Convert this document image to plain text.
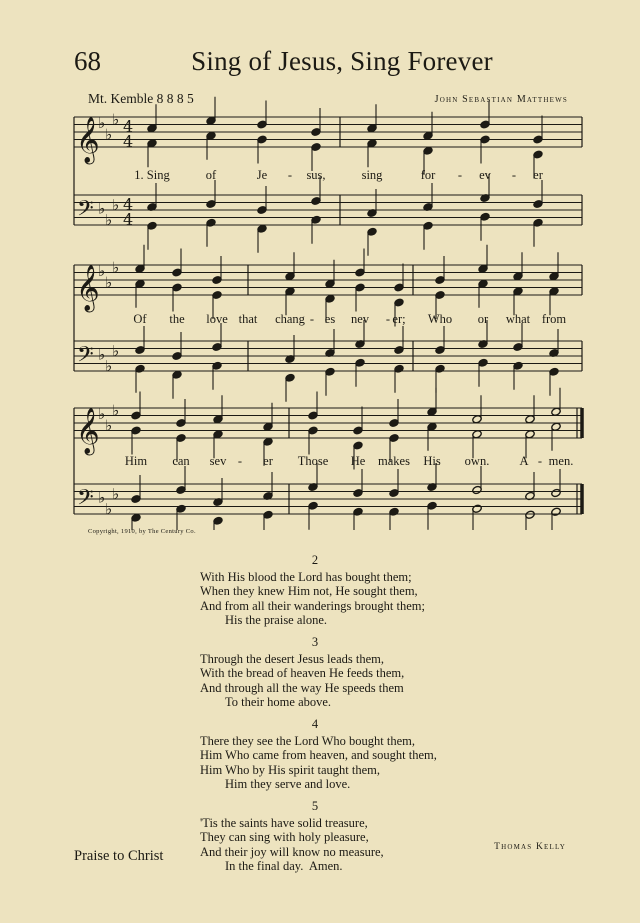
68	Sing of Jesus, Sing Forever
Mt. Kemble 8 8 8 5	John Sebastian Matthews
𝄞
𝄢
♭
♭
♭
♭
♭
♭
4
4
4
4
𝄞
𝄢
♭
♭
♭
♭
♭
♭
𝄞
𝄢
♭
♭
♭
♭
♭
♭
1. Sing	of	Je - sus,	sing	for - ev - er
Of the love that chang - es nev - er; Who or what from
Him can sev - er Those He makes His own. A - men.
Copyright, 1910, by The Century Co.
2
With His blood the Lord has bought them;
When they knew Him not, He sought them,
And from all their wanderings brought them;
His the praise alone.
3
Through the desert Jesus leads them,
With the bread of heaven He feeds them,
And through all the way He speeds them
To their home above.
4
There they see the Lord Who bought them,
Him Who came from heaven, and sought them,
Him Who by His spirit taught them,
Him they serve and love.
5
'Tis the saints have solid treasure,
They can sing with holy pleasure,
And their joy will know no measure,
In the final day.  Amen.
Thomas Kelly
Praise to Christ
